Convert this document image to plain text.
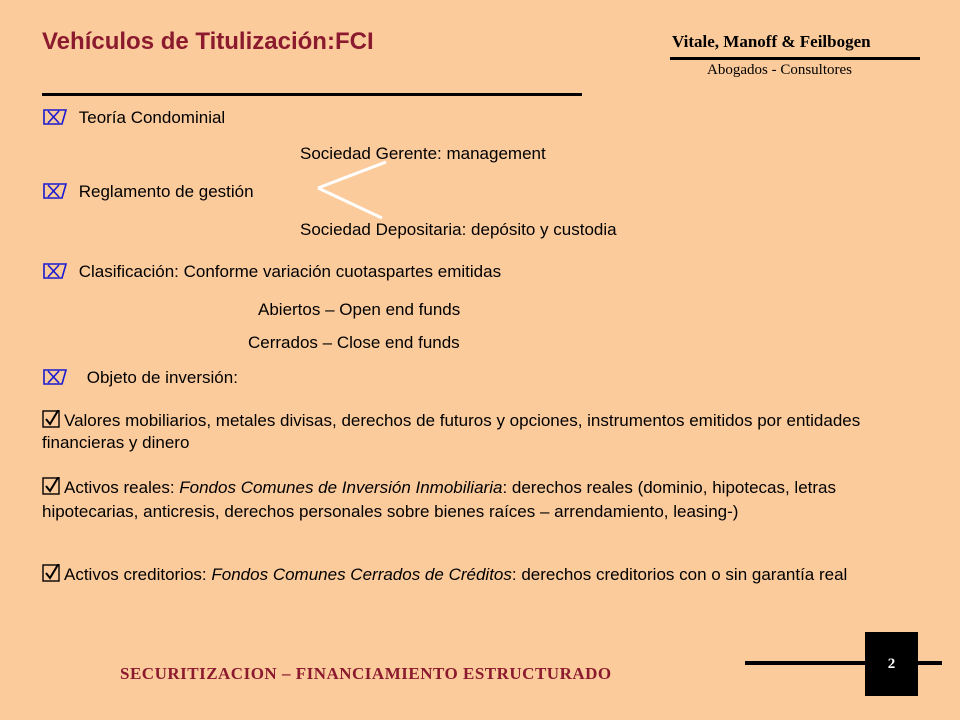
Vehículos de Titulización:FCI	Vitale, Manoff & Feilbogen
Abogados - Consultores
Teoría Condominial
Sociedad Gerente: management
Reglamento de gestión
Sociedad Depositaria: depósito y custodia
Clasificación: Conforme variación cuotaspartes emitidas
Abiertos – Open end funds
Cerrados – Close end funds
Objeto de inversión:
Valores mobiliarios, metales divisas, derechos de futuros y opciones, instrumentos emitidos por entidades financieras y dinero
Activos reales: Fondos Comunes de Inversión Inmobiliaria: derechos reales (dominio, hipotecas, letras hipotecarias, anticresis, derechos personales sobre bienes raíces – arrendamiento, leasing-)
Activos creditorios: Fondos Comunes Cerrados de Créditos: derechos creditorios con o sin garantía real
SECURITIZACION – FINANCIAMIENTO ESTRUCTURADO
2
